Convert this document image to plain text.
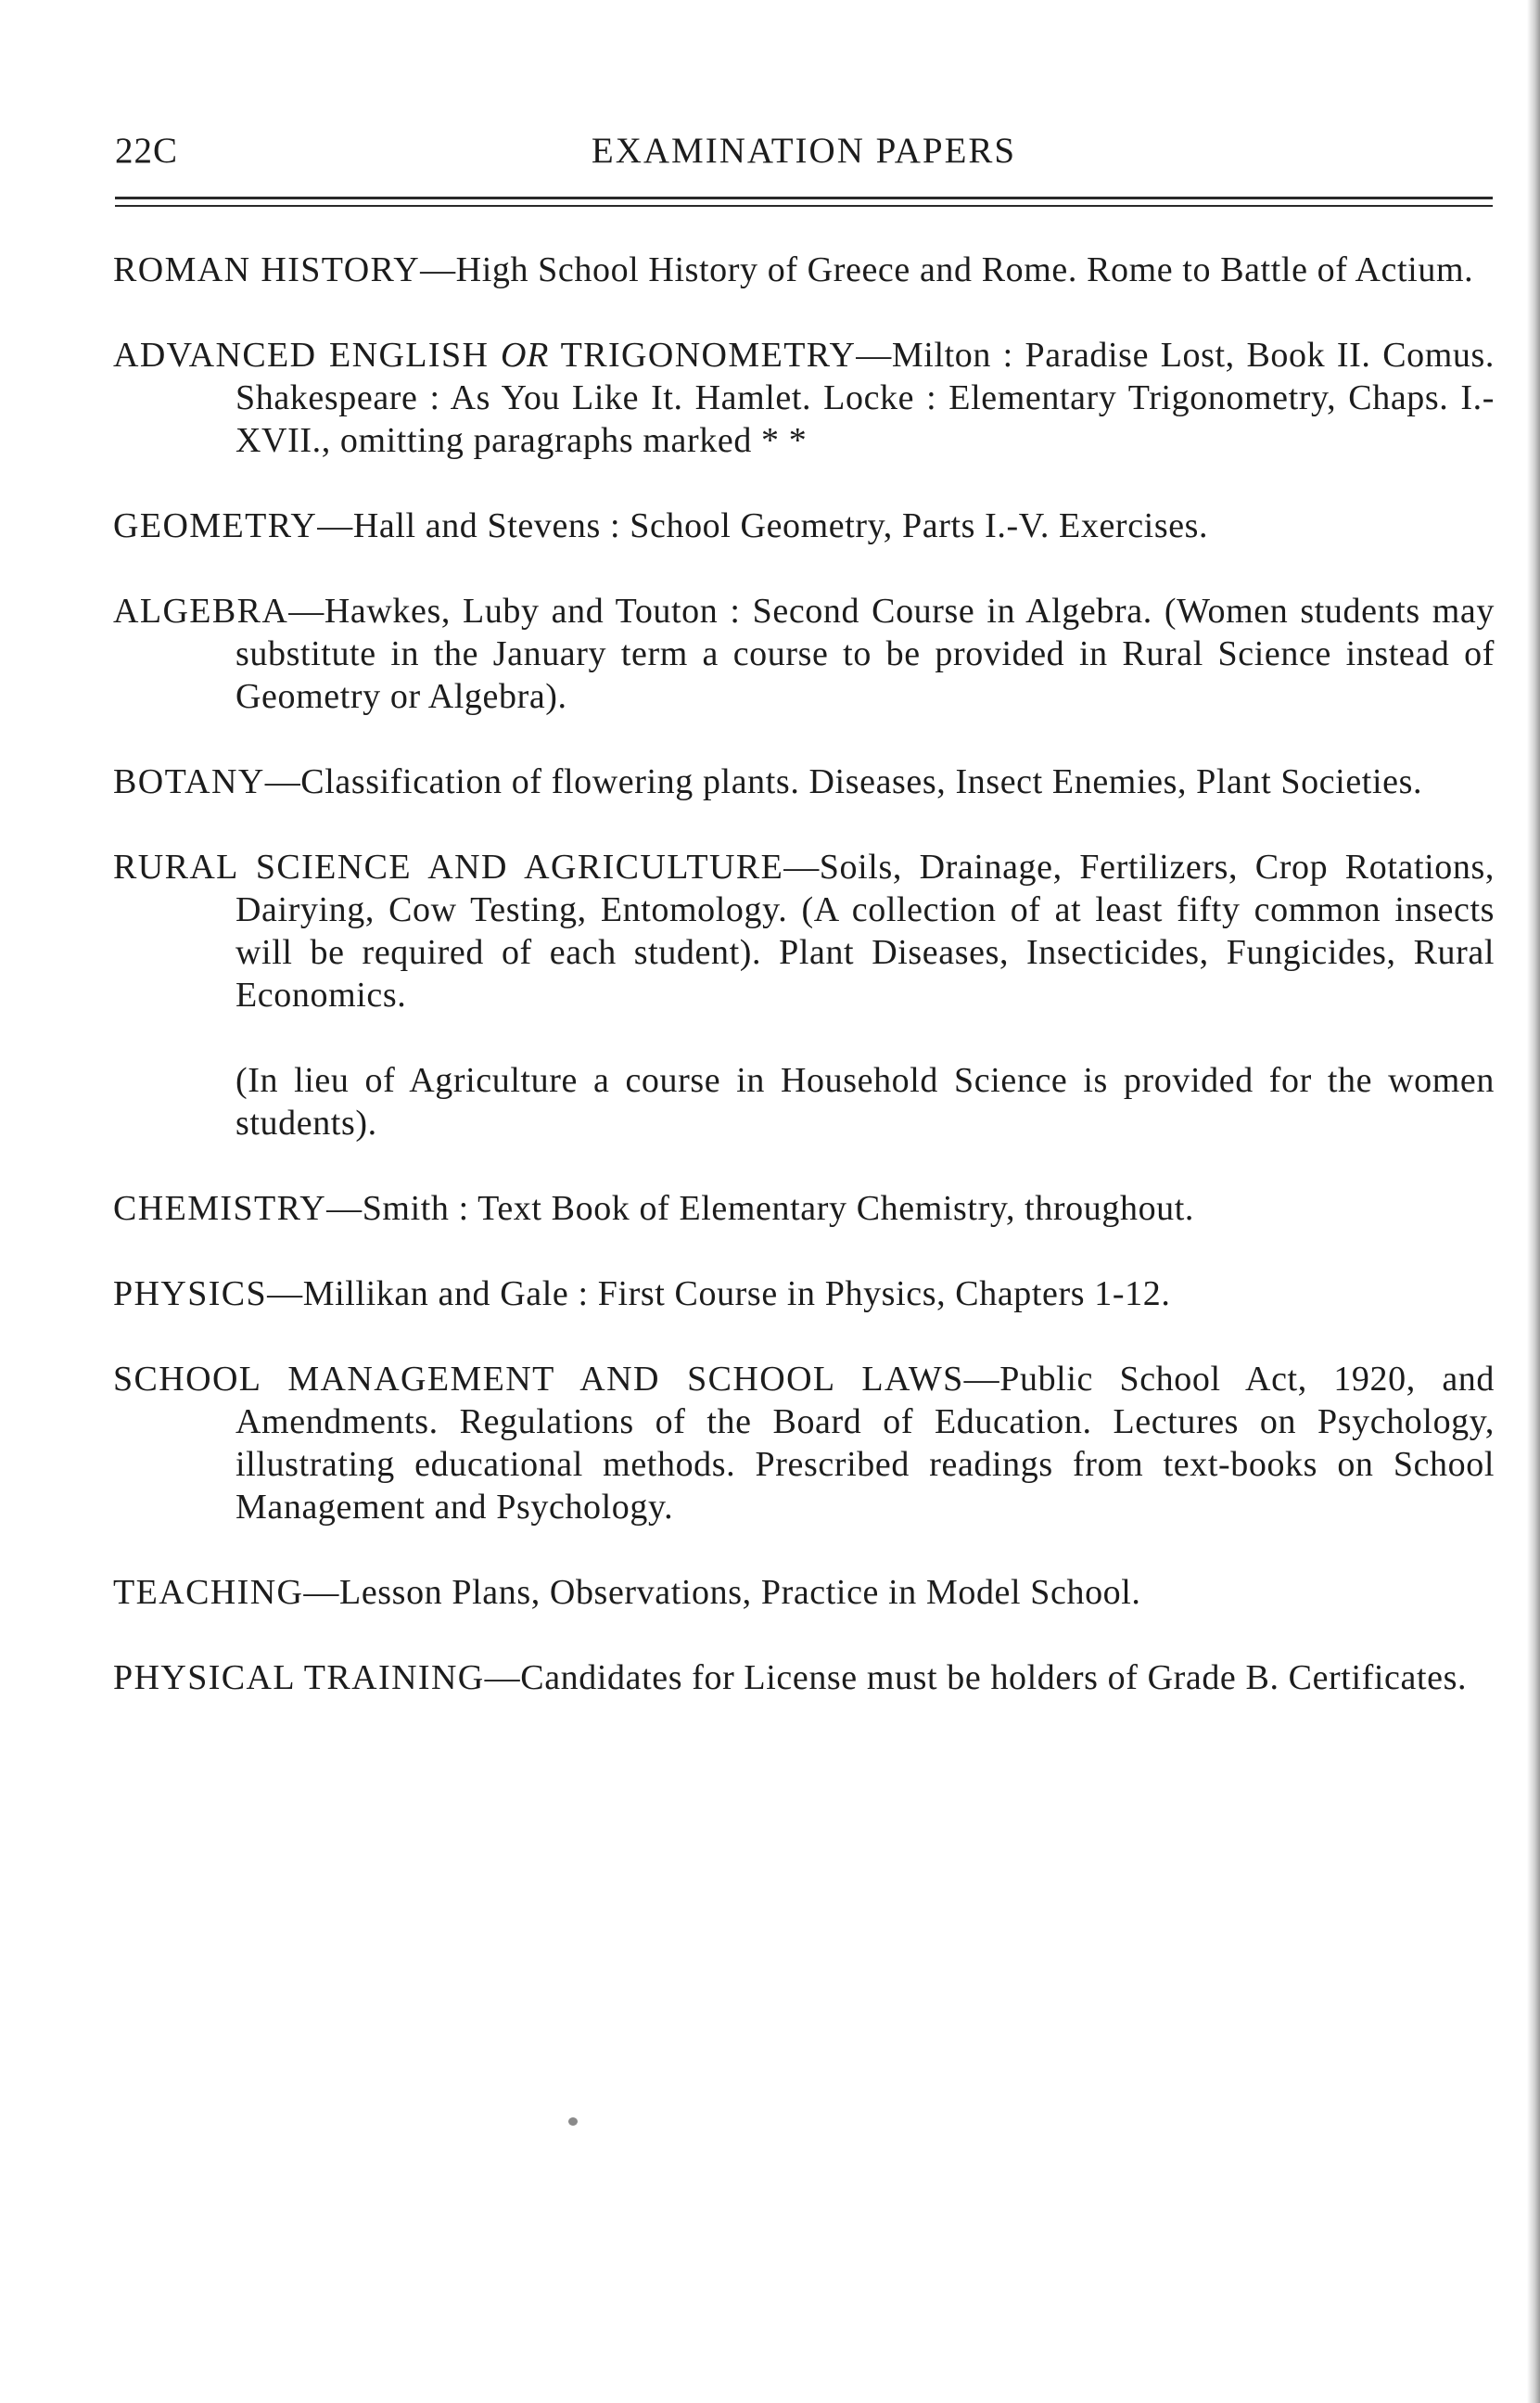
22C	EXAMINATION PAPERS

ROMAN HISTORY—High School History of Greece and Rome. Rome to Battle of Actium.

ADVANCED ENGLISH OR TRIGONOMETRY—Milton : Paradise Lost, Book II. Comus. Shakespeare : As You Like It. Hamlet. Locke : Elementary Trigonometry, Chaps. I.-XVII., omitting paragraphs marked * *

GEOMETRY—Hall and Stevens : School Geometry, Parts I.-V. Exercises.

ALGEBRA—Hawkes, Luby and Touton : Second Course in Algebra. (Women students may substitute in the January term a course to be provided in Rural Science instead of Geometry or Algebra).

BOTANY—Classification of flowering plants. Diseases, Insect Enemies, Plant Societies.

RURAL SCIENCE AND AGRICULTURE—Soils, Drainage, Fertilizers, Crop Rotations, Dairying, Cow Testing, Entomology. (A collection of at least fifty common insects will be required of each student). Plant Diseases, Insecticides, Fungicides, Rural Economics.

(In lieu of Agriculture a course in Household Science is provided for the women students).

CHEMISTRY—Smith : Text Book of Elementary Chemistry, throughout.

PHYSICS—Millikan and Gale : First Course in Physics, Chapters 1-12.

SCHOOL MANAGEMENT AND SCHOOL LAWS—Public School Act, 1920, and Amendments. Regulations of the Board of Education. Lectures on Psychology, illustrating educational methods. Prescribed readings from text-books on School Management and Psychology.

TEACHING—Lesson Plans, Observations, Practice in Model School.

PHYSICAL TRAINING—Candidates for License must be holders of Grade B. Certificates.
